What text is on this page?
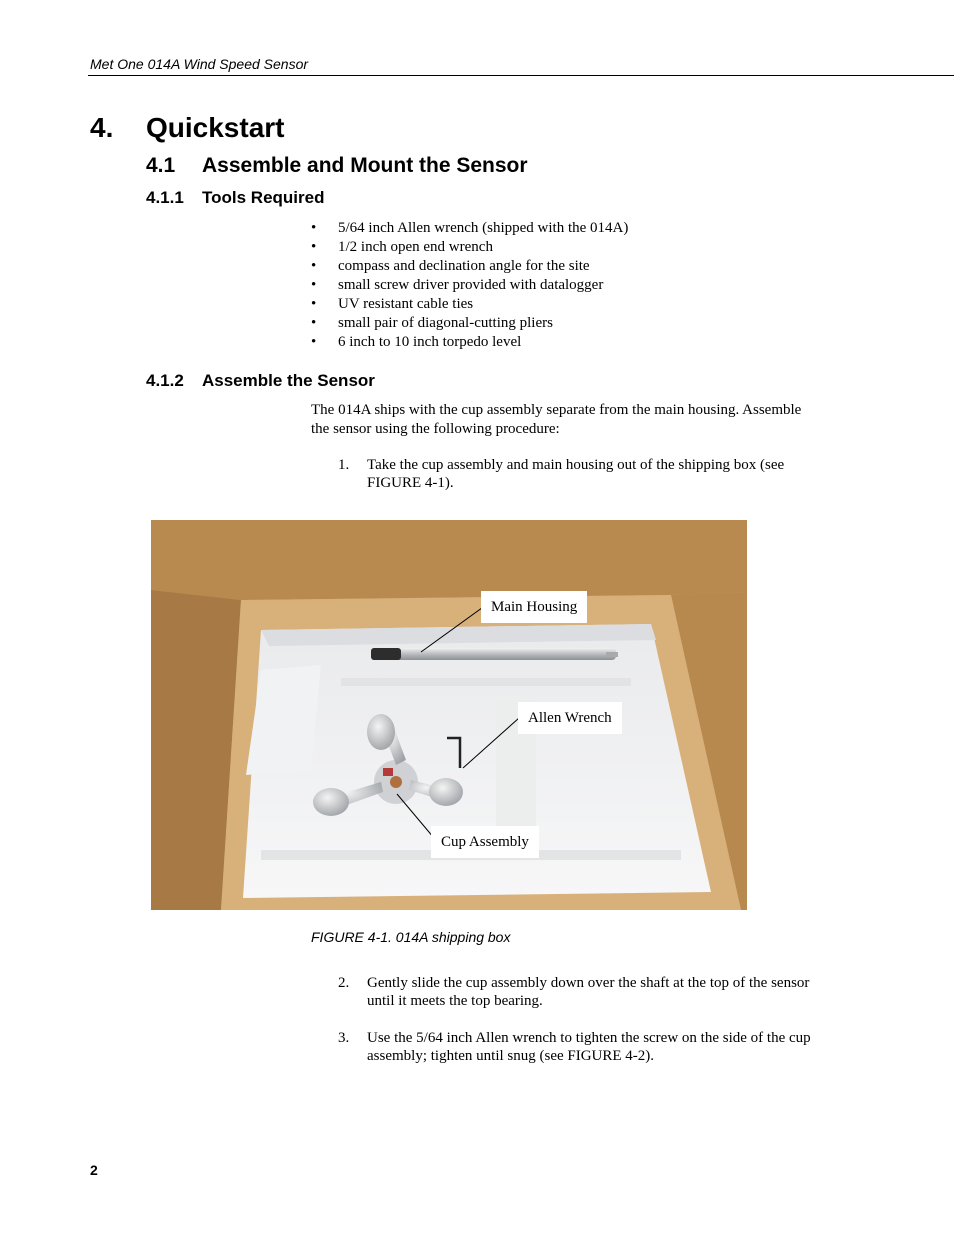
Met One 014A Wind Speed Sensor
4. Quickstart
4.1 Assemble and Mount the Sensor
4.1.1 Tools Required
• 5/64 inch Allen wrench (shipped with the 014A)
• 1/2 inch open end wrench
• compass and declination angle for the site
• small screw driver provided with datalogger
• UV resistant cable ties
• small pair of diagonal-cutting pliers
• 6 inch to 10 inch torpedo level
4.1.2 Assemble the Sensor
The 014A ships with the cup assembly separate from the main housing. Assemble the sensor using the following procedure:
1. Take the cup assembly and main housing out of the shipping box (see FIGURE 4-1).
Main Housing
Allen Wrench
Cup Assembly
FIGURE 4-1. 014A shipping box
2. Gently slide the cup assembly down over the shaft at the top of the sensor until it meets the top bearing.
3. Use the 5/64 inch Allen wrench to tighten the screw on the side of the cup assembly; tighten until snug (see FIGURE 4-2).
2
